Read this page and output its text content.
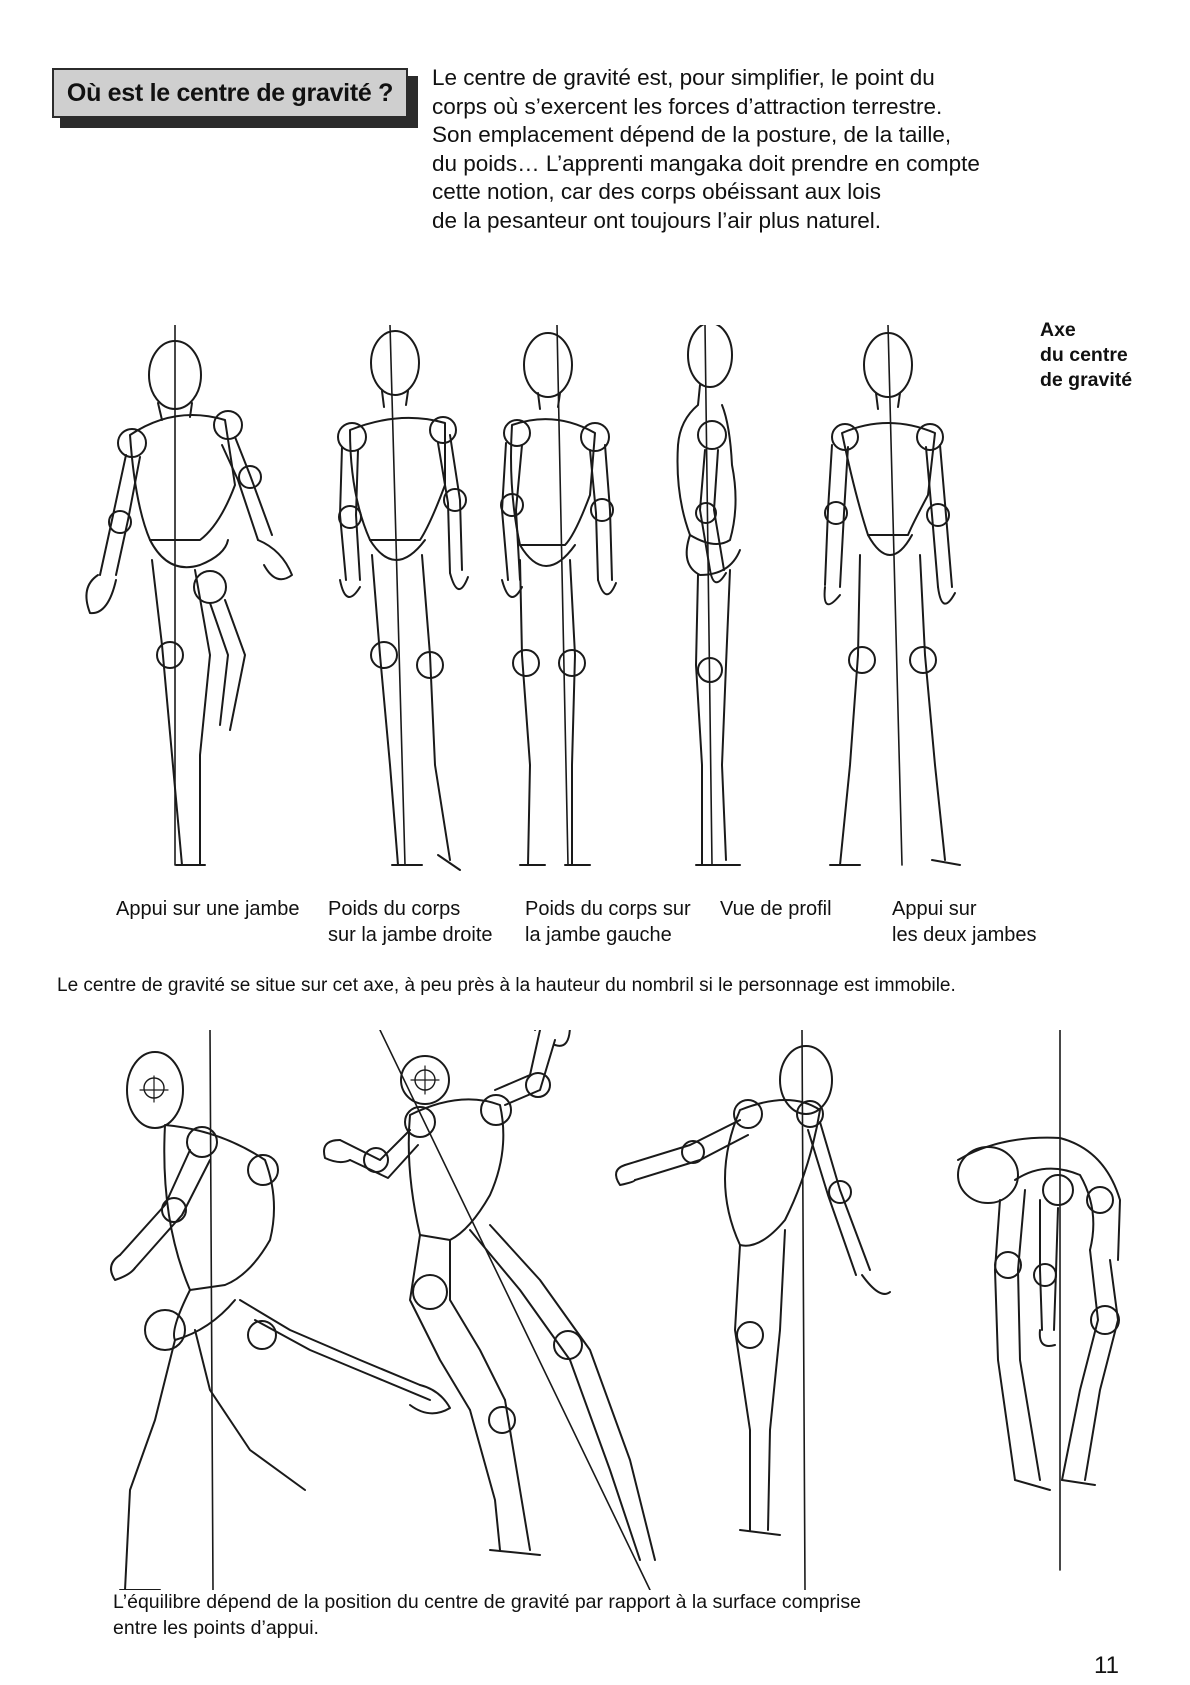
Où est le centre de gravité ?

Le centre de gravité est, pour simplifier, le point du

corps où s’exercent les forces d’attraction terrestre.

Son emplacement dépend de la posture, de la taille,

du poids… L’apprenti mangaka doit prendre en compte

cette notion, car des corps obéissant aux lois

de la pesanteur ont toujours l’air plus naturel.

Axe
du centre
de gravité
Appui sur une jambe Poids du corps
sur la jambe droite
Poids du corps sur
la jambe gauche
Vue de profil	Appui sur
les deux jambes
Le centre de gravité se situe sur cet axe, à peu près à la hauteur du nombril si le personnage est immobile.
L’équilibre dépend de la position du centre de gravité par rapport à la surface comprise
entre les points d’appui.
11
